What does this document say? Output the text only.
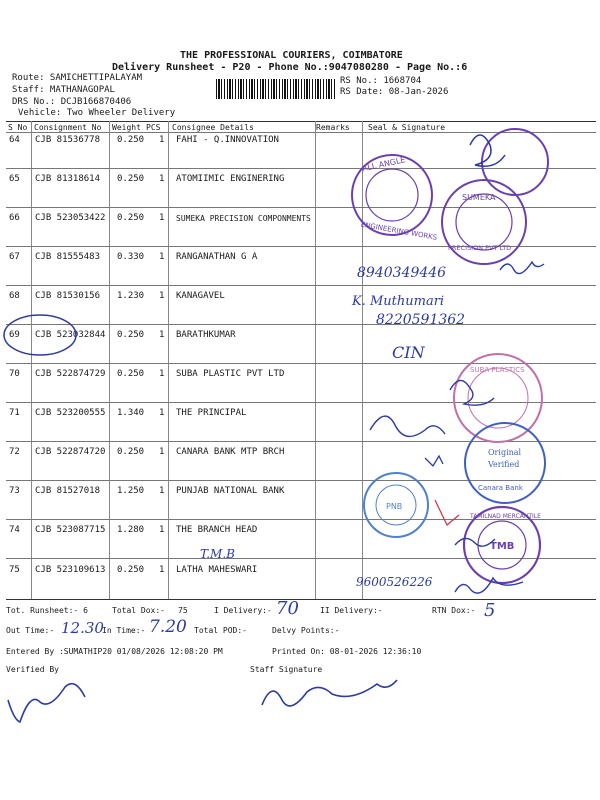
THE PROFESSIONAL COURIERS, COIMBATORE
Delivery Runsheet - P20 - Phone No.:9047080280 - Page No.:6
Route: SAMICHETTIPALAYAM
Staff: MATHANAGOPAL
DRS No.: DCJB166870406
Vehicle: Two Wheeler Delivery
RS No.: 1668704
RS Date: 08-Jan-2026
S No Consignment No Weight PCS Consignee Details	Remarks Seal & Signature
64 CJB 81536778 0.250 1 FAHI - Q.INNOVATION
65 CJB 81318614 0.250 1 ATOMIIMIC ENGINERING
66 CJB 523053422 0.250 1 SUMEKA PRECISION COMPONMENTS
67 CJB 81555483 0.330 1 RANGANATHAN G A
68 CJB 81530156 1.230 1 KANAGAVEL
69 CJB 523032844 0.250 1 BARATHKUMAR
70 CJB 522874729 0.250 1 SUBA PLASTIC PVT LTD
71 CJB 523200555 1.340 1 THE PRINCIPAL
72 CJB 522874720 0.250 1 CANARA BANK MTP BRCH
73 CJB 81527018 1.250 1 PUNJAB NATIONAL BANK
74 CJB 523087715 1.280 1 THE BRANCH HEAD
75 CJB 523109613 0.250 1 LATHA MAHESWARI
ALL ANGLE
ENGINEERING WORKS
SUMEKA
PRECISION PVT LTD
SUBA PLASTICS
Original
Verified
Canara Bank
PNB
TAMILNAD MERCANTILE
TMB
8940349446
K. Muthumari
8220591362
CIN
T.M.B
9600526226
Tot. Runsheet:- 6	Total Dox:- 75	I Delivery:- 70	II Delivery:-	RTN Dox:- 5
Out Time:- 12.30
In Time:- 7.20 Total POD:-	Delvy Points:-
Entered By :SUMATHIP20 01/08/2026 12:08:20 PM	Printed On: 08-01-2026 12:36:10
Verified By	Staff Signature
